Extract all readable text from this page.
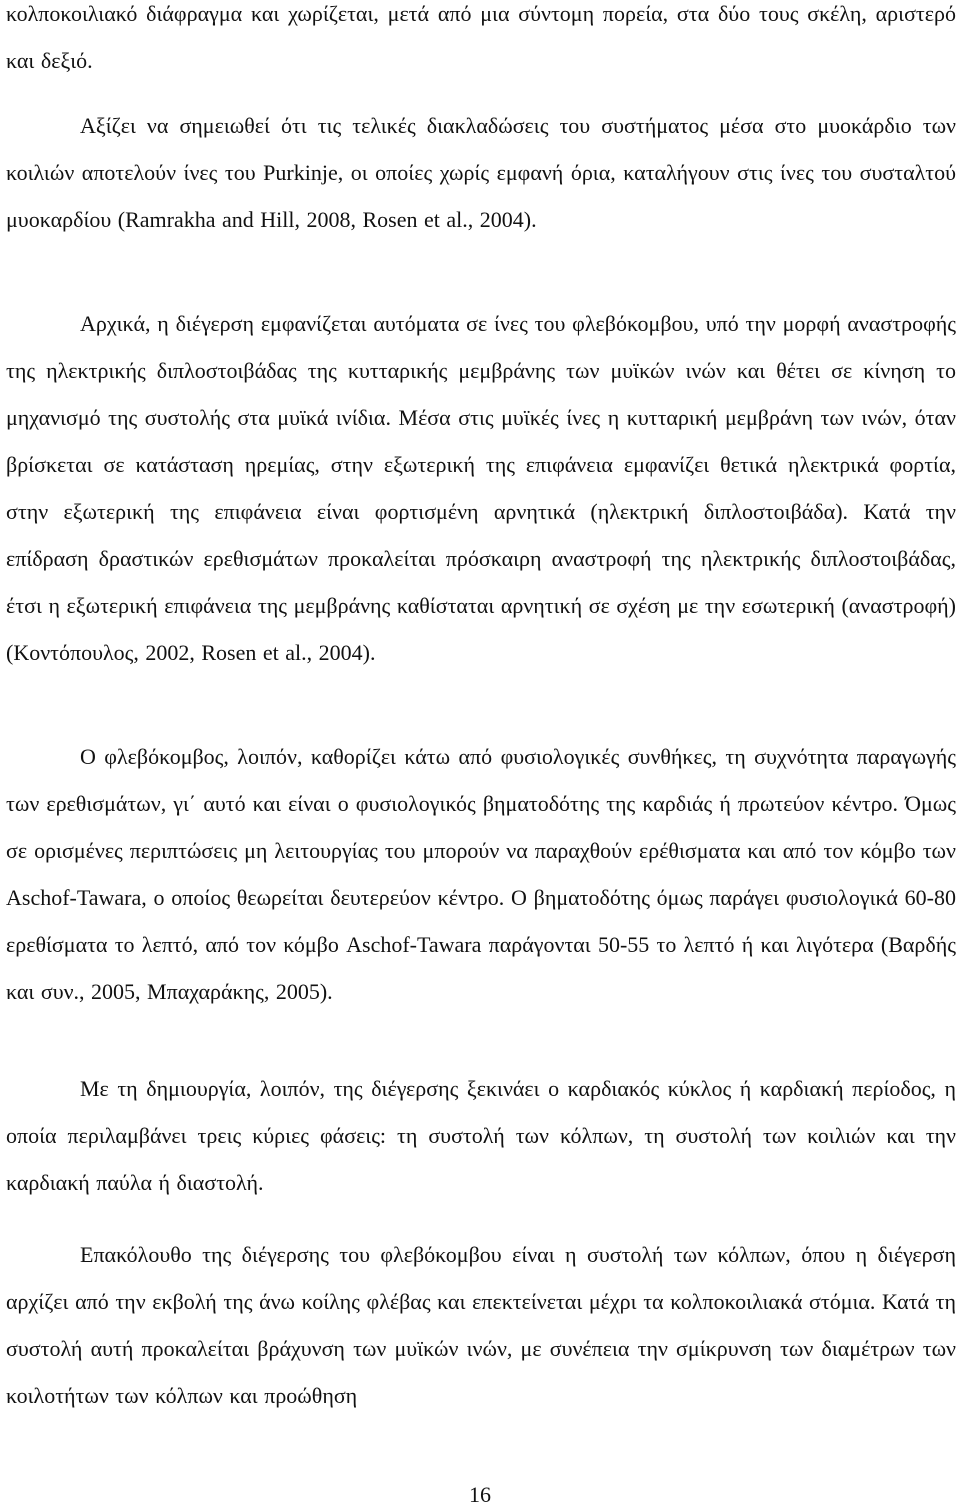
κολποκοιλιακό διάφραγμα και χωρίζεται, μετά από μια σύντομη πορεία, στα δύο τους σκέλη, αριστερό και δεξιό.

Αξίζει να σημειωθεί ότι τις τελικές διακλαδώσεις του συστήματος μέσα στο μυοκάρδιο των κοιλιών αποτελούν ίνες του Purkinje, οι οποίες χωρίς εμφανή όρια, καταλήγουν στις ίνες του συσταλτού μυοκαρδίου (Ramrakha and Hill, 2008, Rosen et al., 2004).

Αρχικά, η διέγερση εμφανίζεται αυτόματα σε ίνες του φλεβόκομβου, υπό την μορφή αναστροφής της ηλεκτρικής διπλοστοιβάδας της κυτταρικής μεμβράνης των μυϊκών ινών και θέτει σε κίνηση το μηχανισμό της συστολής στα μυϊκά ινίδια. Μέσα στις μυϊκές ίνες η κυτταρική μεμβράνη των ινών, όταν βρίσκεται σε κατάσταση ηρεμίας, στην εξωτερική της επιφάνεια εμφανίζει θετικά ηλεκτρικά φορτία, στην εξωτερική της επιφάνεια είναι φορτισμένη αρνητικά (ηλεκτρική διπλοστοιβάδα). Κατά την επίδραση δραστικών ερεθισμάτων προκαλείται πρόσκαιρη αναστροφή της ηλεκτρικής διπλοστοιβάδας, έτσι η εξωτερική επιφάνεια της μεμβράνης καθίσταται αρνητική σε σχέση με την εσωτερική (αναστροφή) (Κοντόπουλος, 2002, Rosen et al., 2004).

Ο φλεβόκομβος, λοιπόν, καθορίζει κάτω από φυσιολογικές συνθήκες, τη συχνότητα παραγωγής των ερεθισμάτων, γι΄ αυτό και είναι ο φυσιολογικός βηματοδότης της καρδιάς ή πρωτεύον κέντρο. Όμως σε ορισμένες περιπτώσεις μη λειτουργίας του μπορούν να παραχθούν ερέθισματα και από τον κόμβο των Aschof-Tawara, ο οποίος θεωρείται δευτερεύον κέντρο. Ο βηματοδότης όμως παράγει φυσιολογικά 60-80 ερεθίσματα το λεπτό, από τον κόμβο Aschof-Tawara παράγονται 50-55 το λεπτό ή και λιγότερα (Βαρδής και συν., 2005, Μπαχαράκης, 2005).

Με τη δημιουργία, λοιπόν, της διέγερσης ξεκινάει ο καρδιακός κύκλος ή καρδιακή περίοδος, η οποία περιλαμβάνει τρεις κύριες φάσεις: τη συστολή των κόλπων, τη συστολή των κοιλιών και την καρδιακή παύλα ή διαστολή.

Επακόλουθο της διέγερσης του φλεβόκομβου είναι η συστολή των κόλπων, όπου η διέγερση αρχίζει από την εκβολή της άνω κοίλης φλέβας και επεκτείνεται μέχρι τα κολποκοιλιακά στόμια. Κατά τη συστολή αυτή προκαλείται βράχυνση των μυϊκών ινών, με συνέπεια την σμίκρυνση των διαμέτρων των κοιλοτήτων των κόλπων και προώθηση

16
